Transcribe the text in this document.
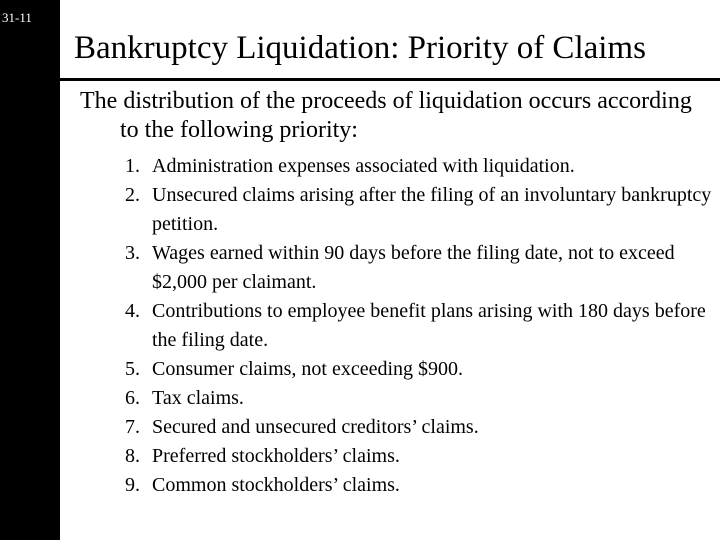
31-11
Bankruptcy Liquidation: Priority of Claims
The distribution of the proceeds of liquidation occurs according to the following priority:
1. Administration expenses associated with liquidation.
2. Unsecured claims arising after the filing of an involuntary bankruptcy petition.
3. Wages earned within 90 days before the filing date, not to exceed $2,000 per claimant.
4. Contributions to employee benefit plans arising with 180 days before the filing date.
5. Consumer claims, not exceeding $900.
6. Tax claims.
7. Secured and unsecured creditors’ claims.
8. Preferred stockholders’ claims.
9. Common stockholders’ claims.
